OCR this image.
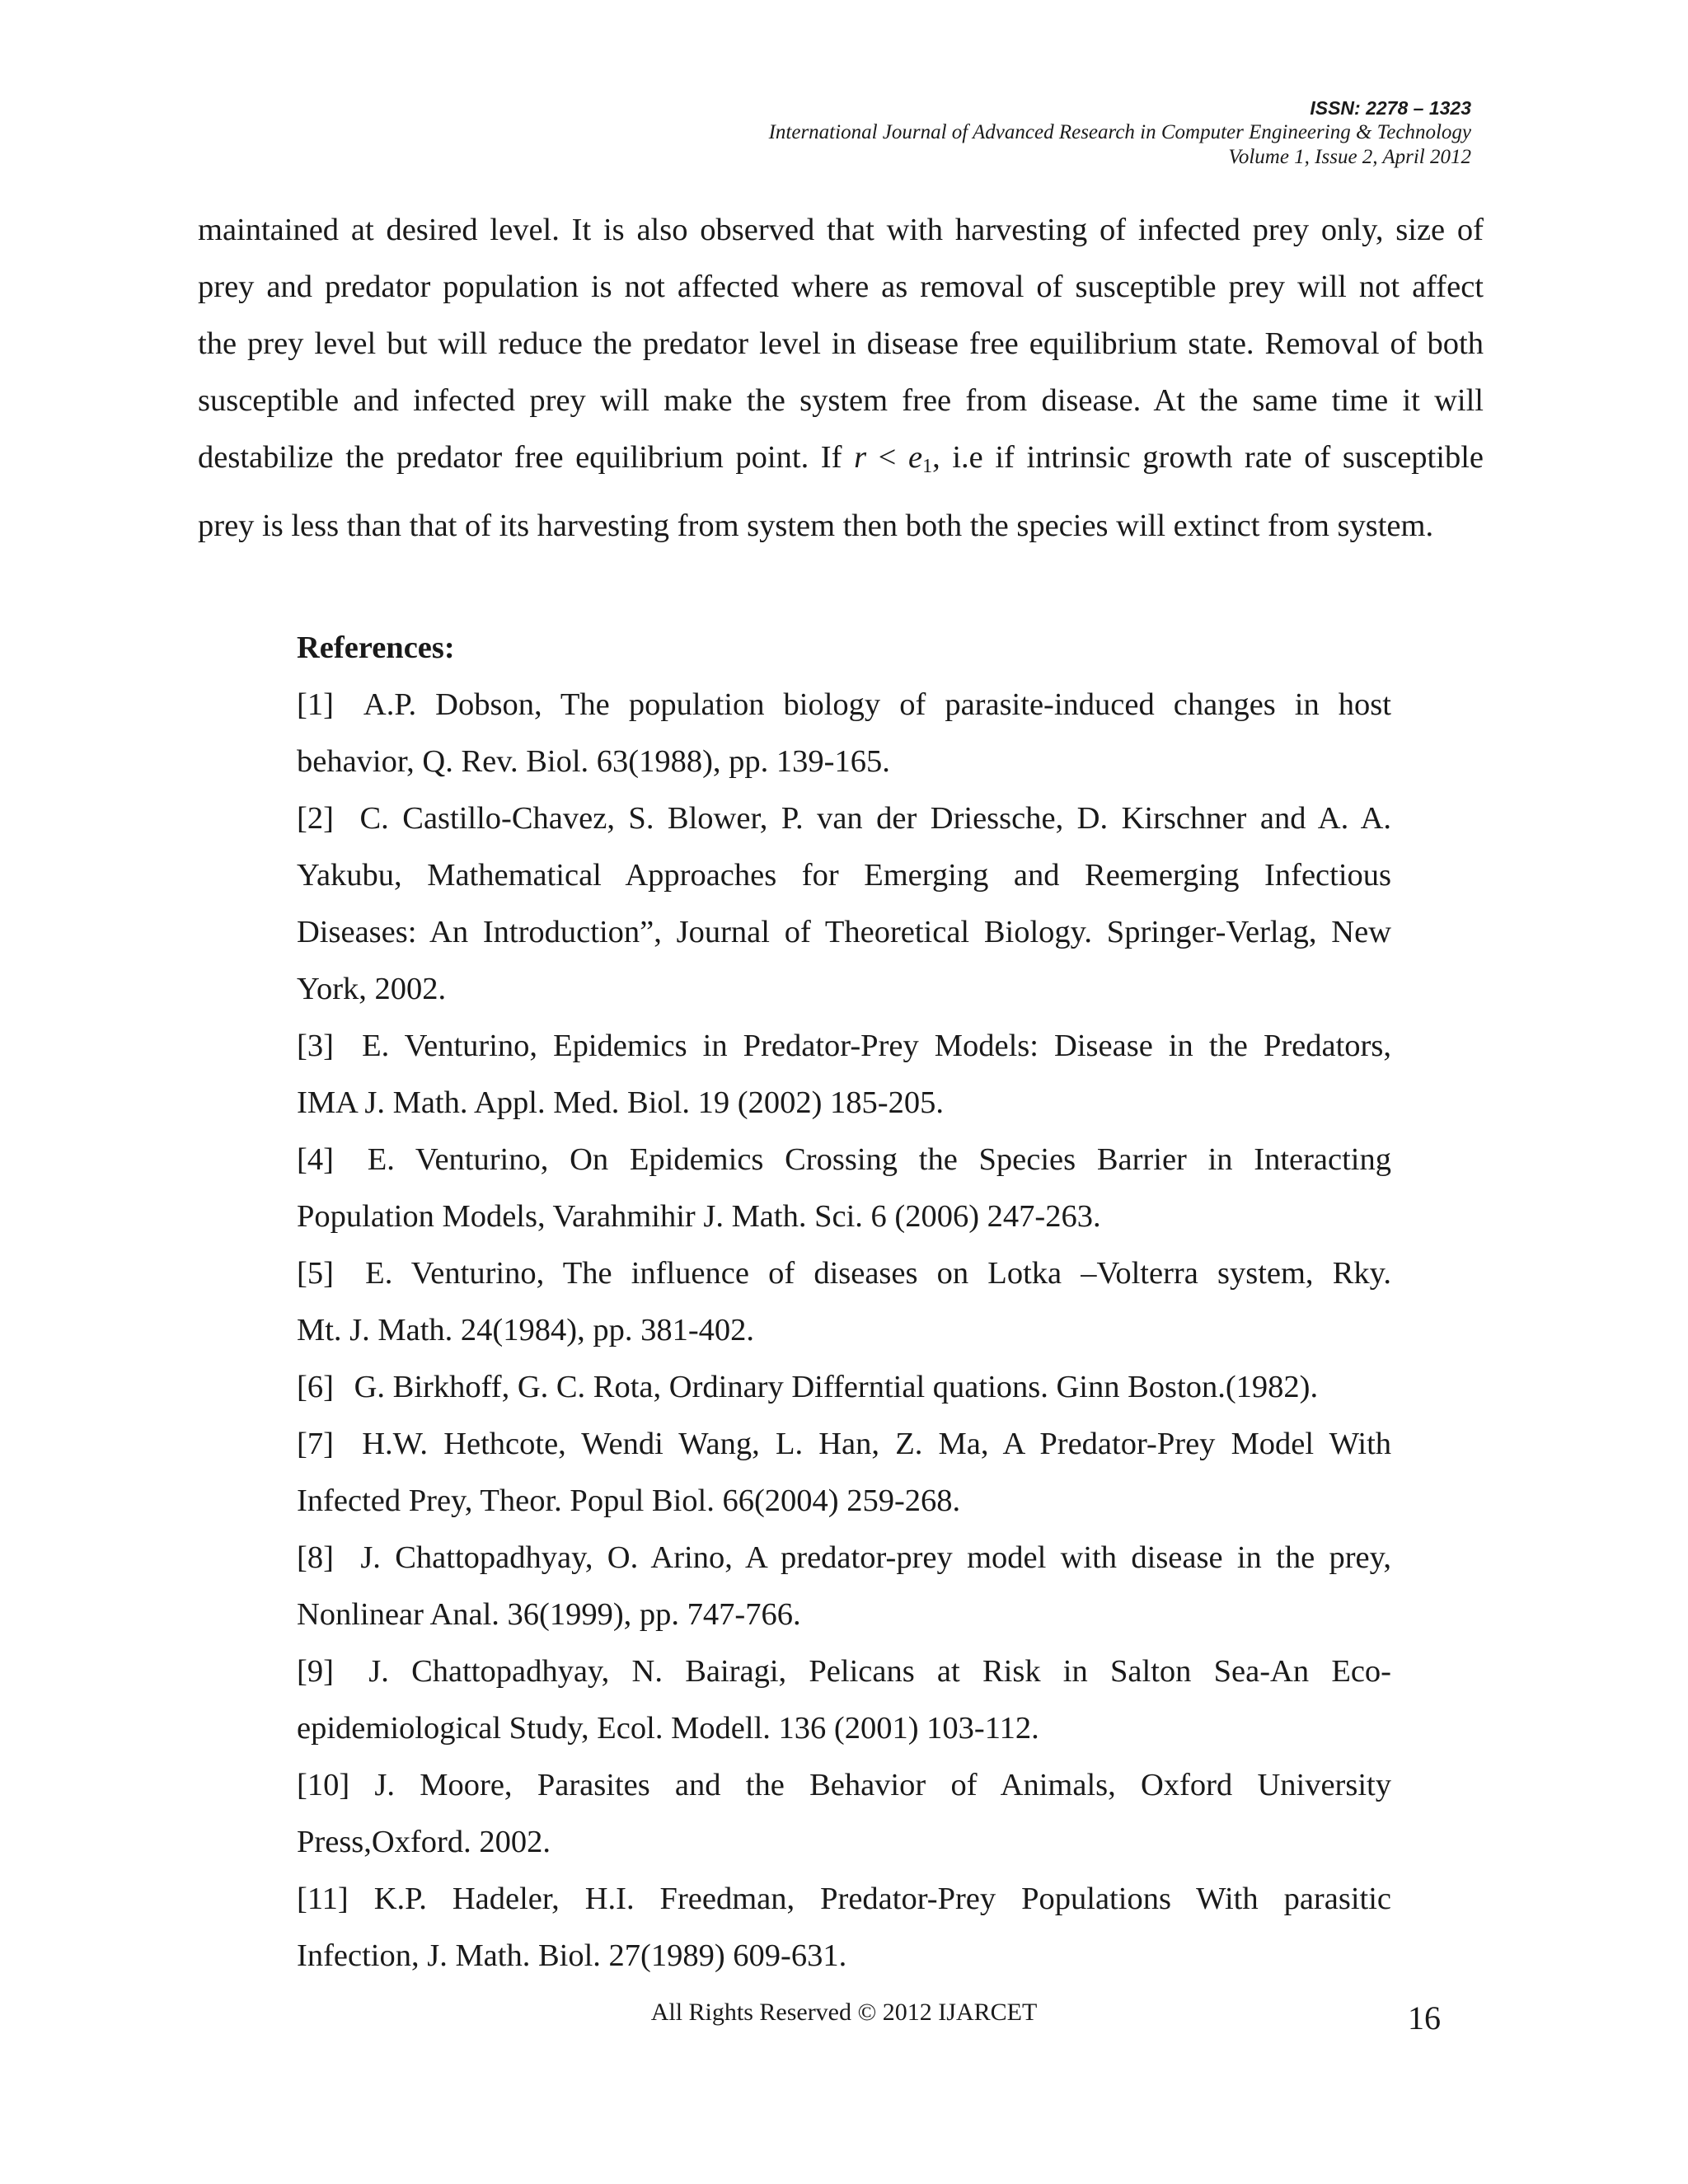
ISSN: 2278 – 1323
International Journal of Advanced Research in Computer Engineering & Technology
Volume 1, Issue 2, April 2012
maintained at desired level. It is also observed that with harvesting of infected prey only, size of
prey and predator population is not affected where as removal of susceptible prey will not affect
the prey level but will reduce the predator level in disease free equilibrium state. Removal of both
susceptible and infected prey will make the system free from disease. At the same time it will
destabilize the predator free equilibrium point. If $r < e_1$, i.e if intrinsic growth rate of susceptible
prey is less than that of its harvesting from system then both the species will extinct from system.
References:
[1] A.P. Dobson, The population biology of parasite-induced changes in host
behavior, Q. Rev. Biol. 63(1988), pp. 139-165.
[2] C. Castillo-Chavez, S. Blower, P. van der Driessche, D. Kirschner and A. A.
Yakubu, Mathematical Approaches for Emerging and Reemerging Infectious
Diseases: An Introduction”, Journal of Theoretical Biology. Springer-Verlag, New
York, 2002.
[3] E. Venturino, Epidemics in Predator-Prey Models: Disease in the Predators,
IMA J. Math. Appl. Med. Biol. 19 (2002) 185-205.
[4] E. Venturino, On Epidemics Crossing the Species Barrier in Interacting
Population Models, Varahmihir J. Math. Sci. 6 (2006) 247-263.
[5] E. Venturino, The influence of diseases on Lotka –Volterra system, Rky.
Mt. J. Math. 24(1984), pp. 381-402.
[6] G. Birkhoff, G. C. Rota, Ordinary Differntial quations. Ginn Boston.(1982).
[7] H.W. Hethcote, Wendi Wang, L. Han, Z. Ma, A Predator-Prey Model With
Infected Prey, Theor. Popul Biol. 66(2004) 259-268.
[8] J. Chattopadhyay, O. Arino, A predator-prey model with disease in the prey,
Nonlinear Anal. 36(1999), pp. 747-766.
[9] J. Chattopadhyay, N. Bairagi, Pelicans at Risk in Salton Sea-An Eco-
epidemiological Study, Ecol. Modell. 136 (2001) 103-112.
[10] J. Moore, Parasites and the Behavior of Animals, Oxford University
Press,Oxford. 2002.
[11] K.P. Hadeler, H.I. Freedman, Predator-Prey Populations With parasitic
Infection, J. Math. Biol. 27(1989) 609-631.
All Rights Reserved © 2012 IJARCET	16
